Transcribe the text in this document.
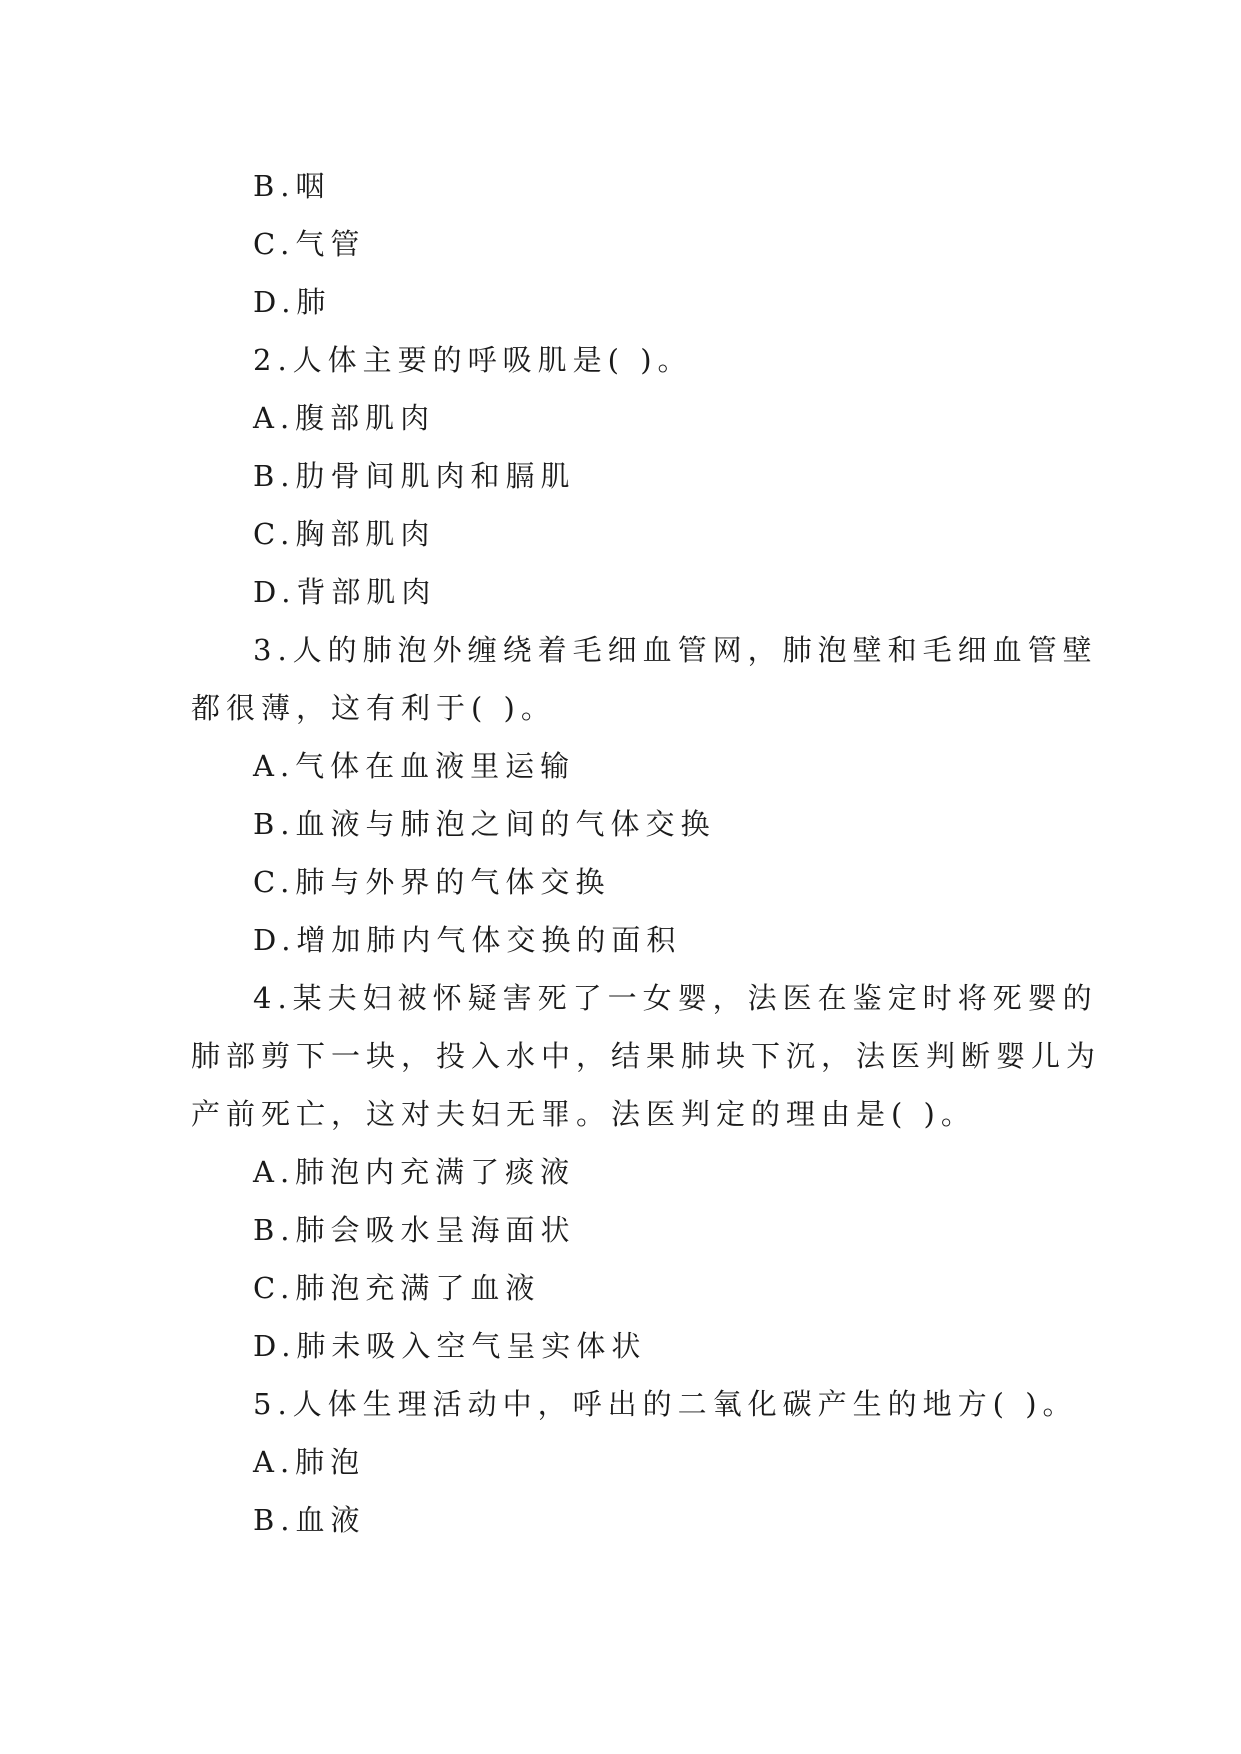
B.咽
C.气管
D.肺
2.人体主要的呼吸肌是( )。
A.腹部肌肉
B.肋骨间肌肉和膈肌
C.胸部肌肉
D.背部肌肉
3.人的肺泡外缠绕着毛细血管网，肺泡壁和毛细血管壁
都很薄，这有利于( )。
A.气体在血液里运输
B.血液与肺泡之间的气体交换
C.肺与外界的气体交换
D.增加肺内气体交换的面积
4.某夫妇被怀疑害死了一女婴，法医在鉴定时将死婴的
肺部剪下一块，投入水中，结果肺块下沉，法医判断婴儿为
产前死亡，这对夫妇无罪。法医判定的理由是( )。
A.肺泡内充满了痰液
B.肺会吸水呈海面状
C.肺泡充满了血液
D.肺未吸入空气呈实体状
5.人体生理活动中，呼出的二氧化碳产生的地方( )。
A.肺泡
B.血液
